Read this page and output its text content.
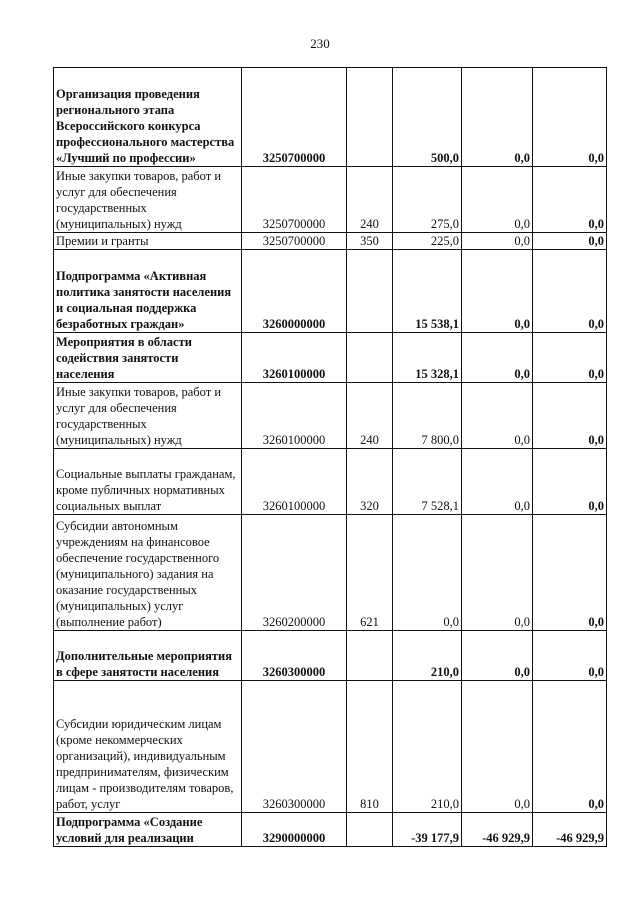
230
Организация проведения регионального этапа Всероссийского конкурса профессионального мастерства «Лучший по профессии»	3250700000		500,0	0,0	0,0
Иные закупки товаров, работ и услуг для обеспечения государственных (муниципальных) нужд	3250700000	240	275,0	0,0	0,0
Премии и гранты	3250700000	350	225,0	0,0	0,0
Подпрограмма «Активная политика занятости населения и социальная поддержка безработных граждан»	3260000000		15 538,1	0,0	0,0
Мероприятия в области содействия занятости населения	3260100000		15 328,1	0,0	0,0
Иные закупки товаров, работ и услуг для обеспечения государственных (муниципальных) нужд	3260100000	240	7 800,0	0,0	0,0
Социальные выплаты гражданам, кроме публичных нормативных социальных выплат	3260100000	320	7 528,1	0,0	0,0
Субсидии автономным учреждениям на финансовое обеспечение государственного (муниципального) задания на оказание государственных (муниципальных) услуг (выполнение работ)	3260200000	621	0,0	0,0	0,0
Дополнительные мероприятия в сфере занятости населения	3260300000		210,0	0,0	0,0
Субсидии юридическим лицам (кроме некоммерческих организаций), индивидуальным предпринимателям, физическим лицам - производителям товаров, работ, услуг	3260300000	810	210,0	0,0	0,0
Подпрограмма «Создание условий для реализации	3290000000		-39 177,9	-46 929,9	-46 929,9
